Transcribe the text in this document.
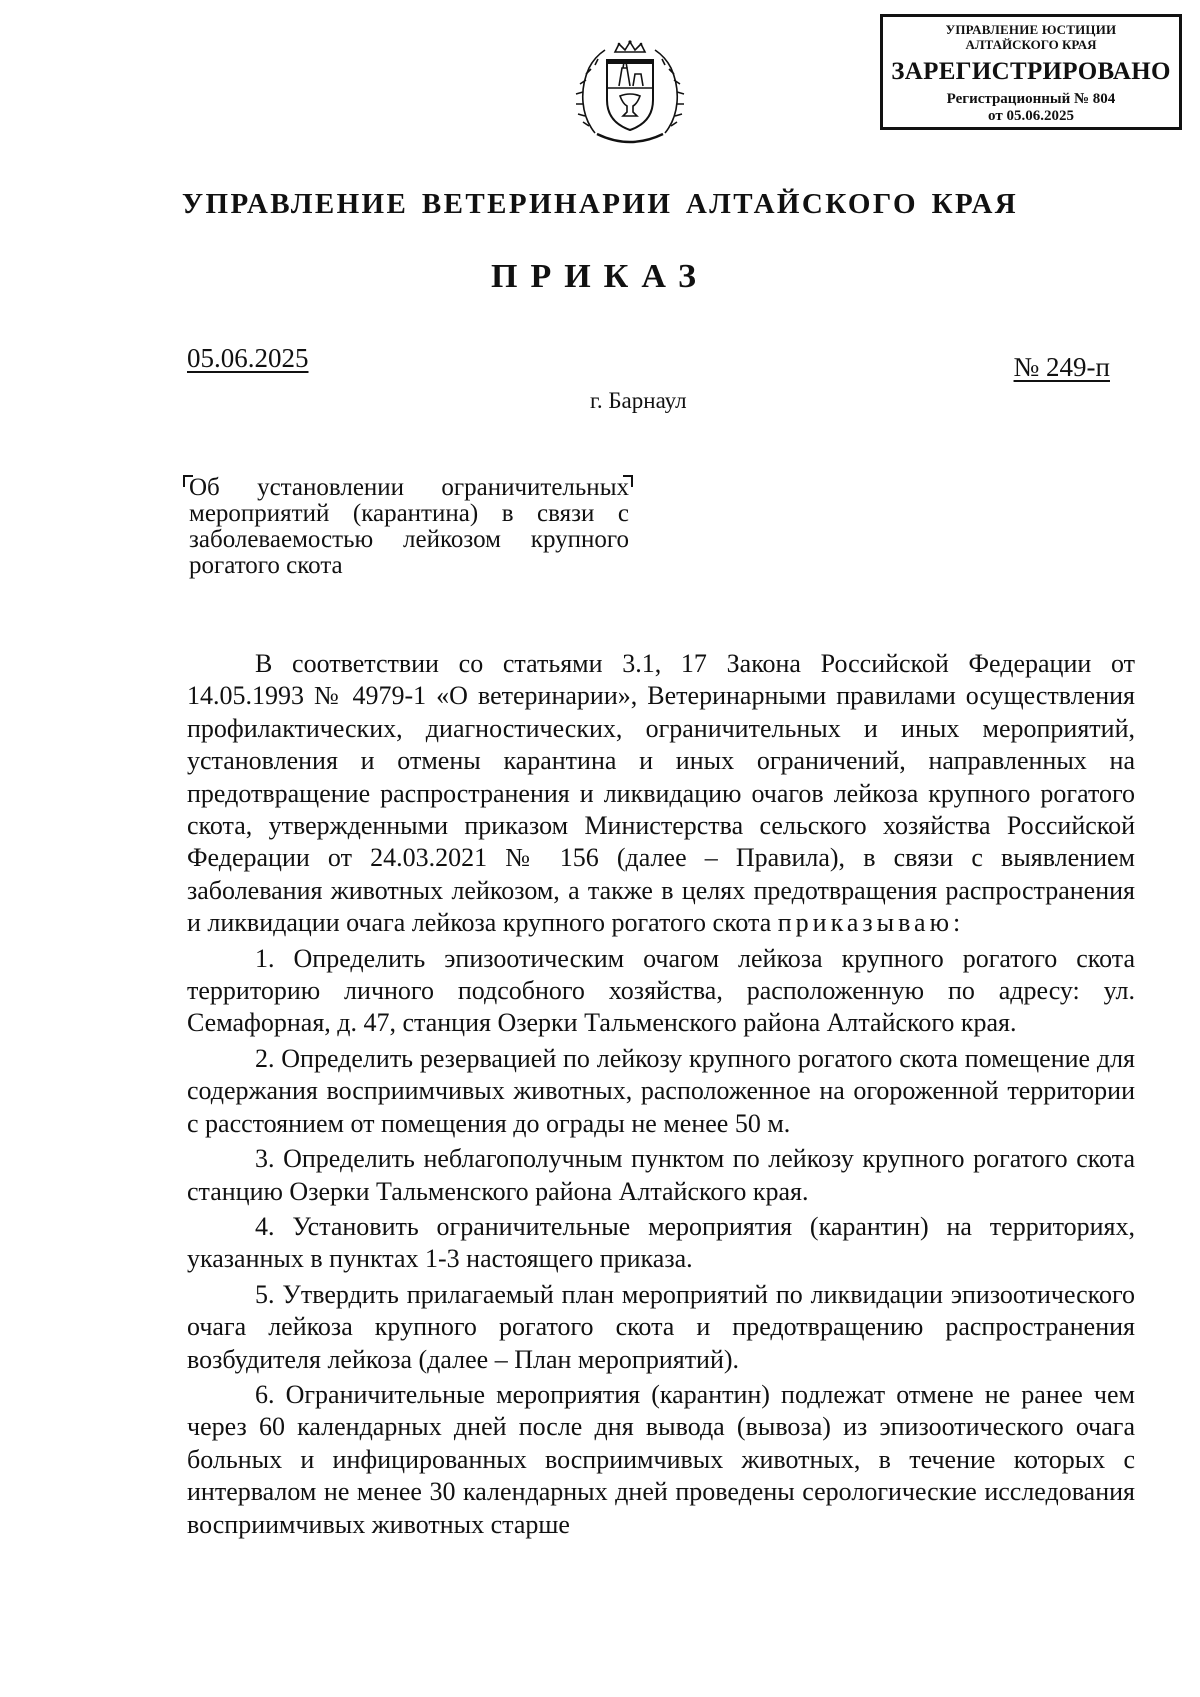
УПРАВЛЕНИЕ ЮСТИЦИИ
АЛТАЙСКОГО КРАЯ
ЗАРЕГИСТРИРОВАНО
Регистрационный № 804
от 05.06.2025
УПРАВЛЕНИЕ ВЕТЕРИНАРИИ АЛТАЙСКОГО КРАЯ
ПРИКАЗ
05.06.2025	№ 249-п
г. Барнаул
Об установлении ограничительных мероприятий (карантина) в связи с заболеваемостью лейкозом крупного рогатого скота

В соответствии со статьями 3.1, 17 Закона Российской Федерации от 14.05.1993 № 4979-1 «О ветеринарии», Ветеринарными правилами осуществления профилактических, диагностических, ограничительных и иных мероприятий, установления и отмены карантина и иных ограничений, направленных на предотвращение распространения и ликвидацию очагов лейкоза крупного рогатого скота, утвержденными приказом Министерства сельского хозяйства Российской Федерации от 24.03.2021 № 156 (далее – Правила), в связи с выявлением заболевания животных лейкозом, а также в целях предотвращения распространения и ликвидации очага лейкоза крупного рогатого скота приказываю:

1. Определить эпизоотическим очагом лейкоза крупного рогатого скота территорию личного подсобного хозяйства, расположенную по адресу: ул. Семафорная, д. 47, станция Озерки Тальменского района Алтайского края.

2. Определить резервацией по лейкозу крупного рогатого скота помещение для содержания восприимчивых животных, расположенное на огороженной территории с расстоянием от помещения до ограды не менее 50 м.

3. Определить неблагополучным пунктом по лейкозу крупного рогатого скота станцию Озерки Тальменского района Алтайского края.

4. Установить ограничительные мероприятия (карантин) на территориях, указанных в пунктах 1-3 настоящего приказа.

5. Утвердить прилагаемый план мероприятий по ликвидации эпизоотического очага лейкоза крупного рогатого скота и предотвращению распространения возбудителя лейкоза (далее – План мероприятий).

6. Ограничительные мероприятия (карантин) подлежат отмене не ранее чем через 60 календарных дней после дня вывода (вывоза) из эпизоотического очага больных и инфицированных восприимчивых животных, в течение которых с интервалом не менее 30 календарных дней проведены серологические исследования восприимчивых животных старше
